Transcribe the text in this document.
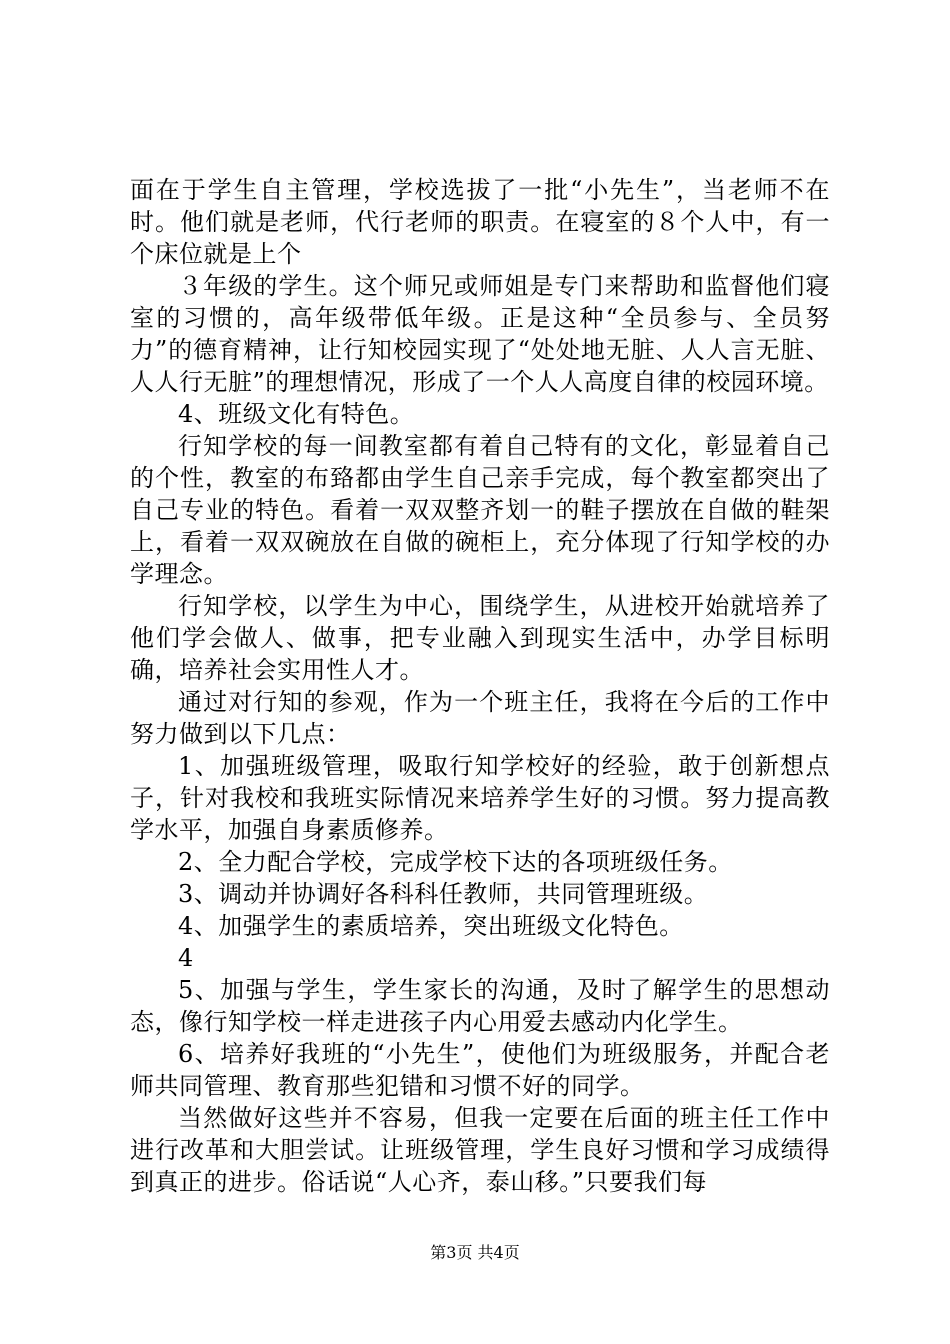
面在于学生自主管理，学校选拔了一批“小先生”，当老师不在时。他们就是老师，代行老师的职责。在寝室的８个人中，有一个床位就是上个

３年级的学生。这个师兄或师姐是专门来帮助和监督他们寝室的习惯的，高年级带低年级。正是这种“全员参与、全员努力”的德育精神，让行知校园实现了“处处地无脏、人人言无脏、人人行无脏”的理想情况，形成了一个人人高度自律的校园环境。

4、班级文化有特色。

行知学校的每一间教室都有着自己特有的文化，彰显着自己的个性，教室的布臵都由学生自己亲手完成，每个教室都突出了自己专业的特色。看着一双双整齐划一的鞋子摆放在自做的鞋架上，看着一双双碗放在自做的碗柜上，充分体现了行知学校的办学理念。

行知学校，以学生为中心，围绕学生，从进校开始就培养了他们学会做人、做事，把专业融入到现实生活中，办学目标明确，培养社会实用性人才。

通过对行知的参观，作为一个班主任，我将在今后的工作中努力做到以下几点：

1、加强班级管理，吸取行知学校好的经验，敢于创新想点子，针对我校和我班实际情况来培养学生好的习惯。努力提高教学水平，加强自身素质修养。

2、全力配合学校，完成学校下达的各项班级任务。

3、调动并协调好各科科任教师，共同管理班级。

4、加强学生的素质培养，突出班级文化特色。

4

5、加强与学生，学生家长的沟通，及时了解学生的思想动态，像行知学校一样走进孩子内心用爱去感动内化学生。

6、培养好我班的“小先生”，使他们为班级服务，并配合老师共同管理、教育那些犯错和习惯不好的同学。

当然做好这些并不容易，但我一定要在后面的班主任工作中进行改革和大胆尝试。让班级管理，学生良好习惯和学习成绩得到真正的进步。俗话说“人心齐，泰山移。”只要我们每

第3页 共4页
